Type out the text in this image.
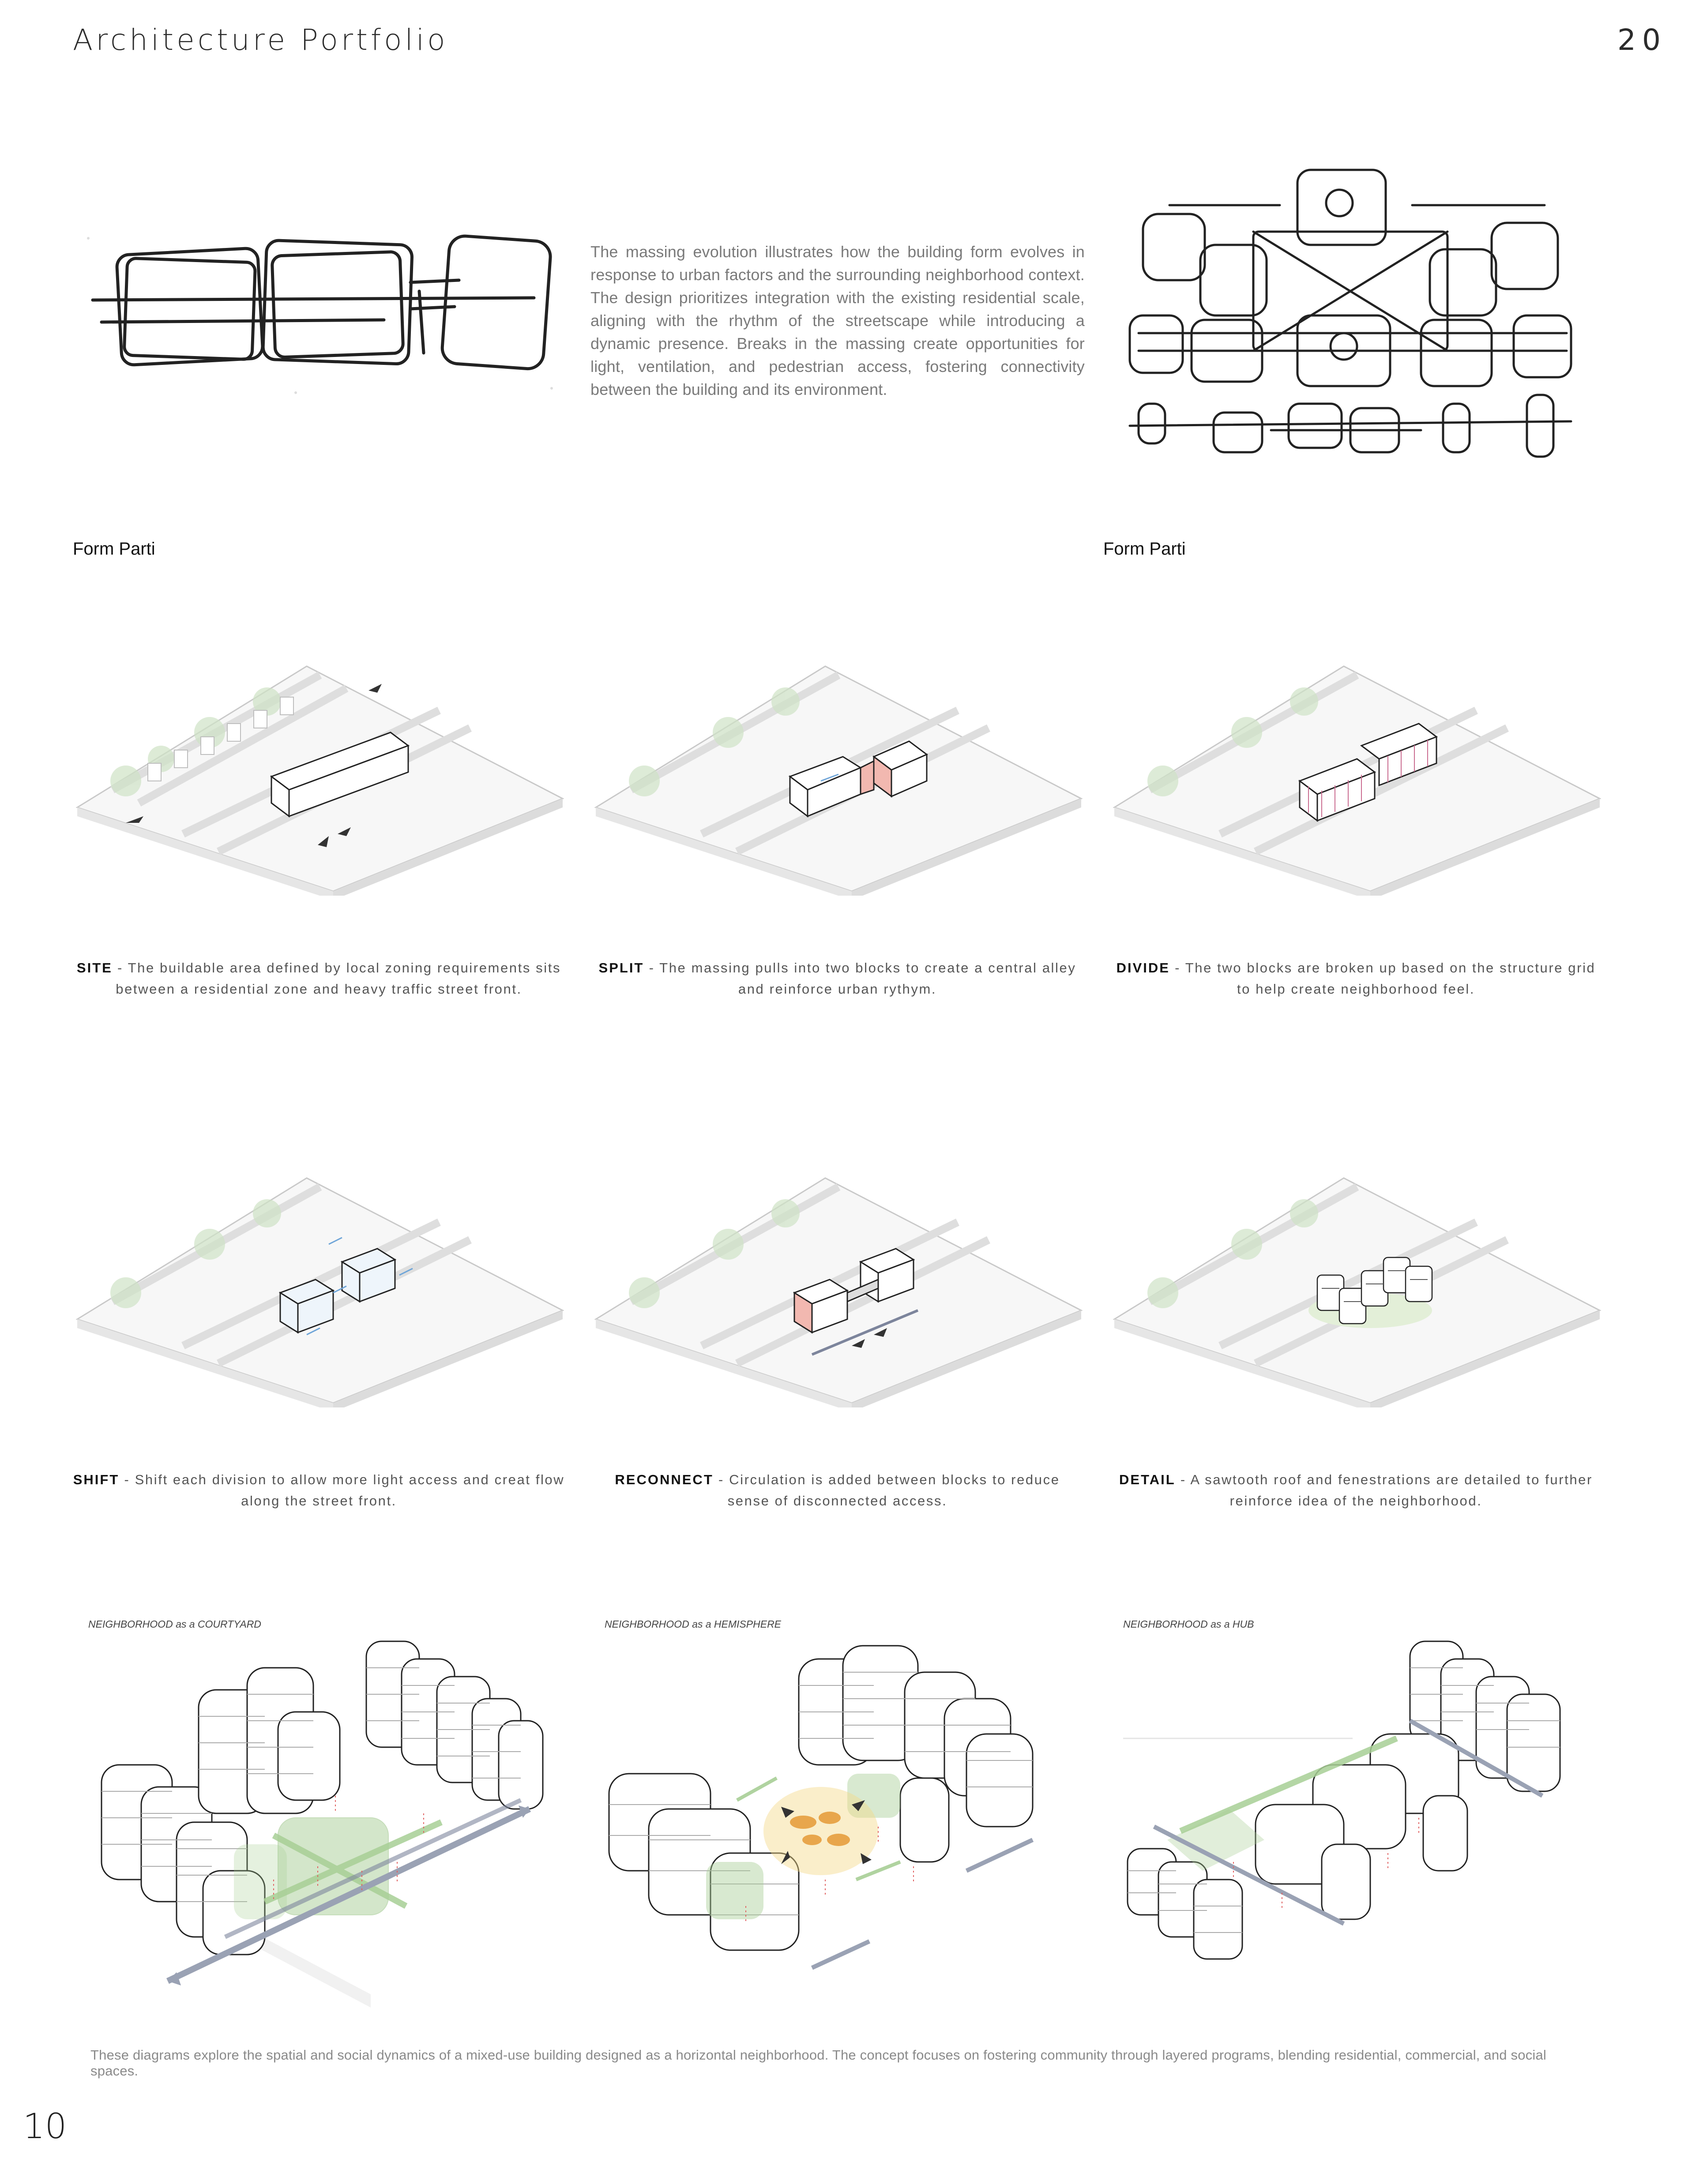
Architecture Portfolio	20
The massing evolution illustrates how the building form evolves in response to urban factors and the surrounding neighborhood context. The design prioritizes integration with the existing residential scale, aligning with the rhythm of the streetscape while introducing a dynamic presence. Breaks in the massing create opportunities for light, ventilation, and pedestrian access, fostering connectivity between the building and its environment.
Form Parti	Form Parti
SITE - The buildable area defined by local zoning requirements sits between a residential zone and heavy traffic street front.
SPLIT - The massing pulls into two blocks to create a central alley and reinforce urban rythym.
DIVIDE - The two blocks are broken up based on the structure grid to help create neighborhood feel.
SHIFT - Shift each division to allow more light access and creat flow along the street front.
RECONNECT - Circulation is added between blocks to reduce sense of disconnected access.
DETAIL - A sawtooth roof and fenestrations are detailed to further reinforce idea of the neighborhood.
NEIGHBORHOOD as a COURTYARD	NEIGHBORHOOD as a HEMISPHERE	NEIGHBORHOOD as a HUB
These diagrams explore the spatial and social dynamics of a mixed-use building designed as a horizontal neighborhood. The concept focuses on fostering community through layered programs, blending residential, commercial, and social spaces.
10
